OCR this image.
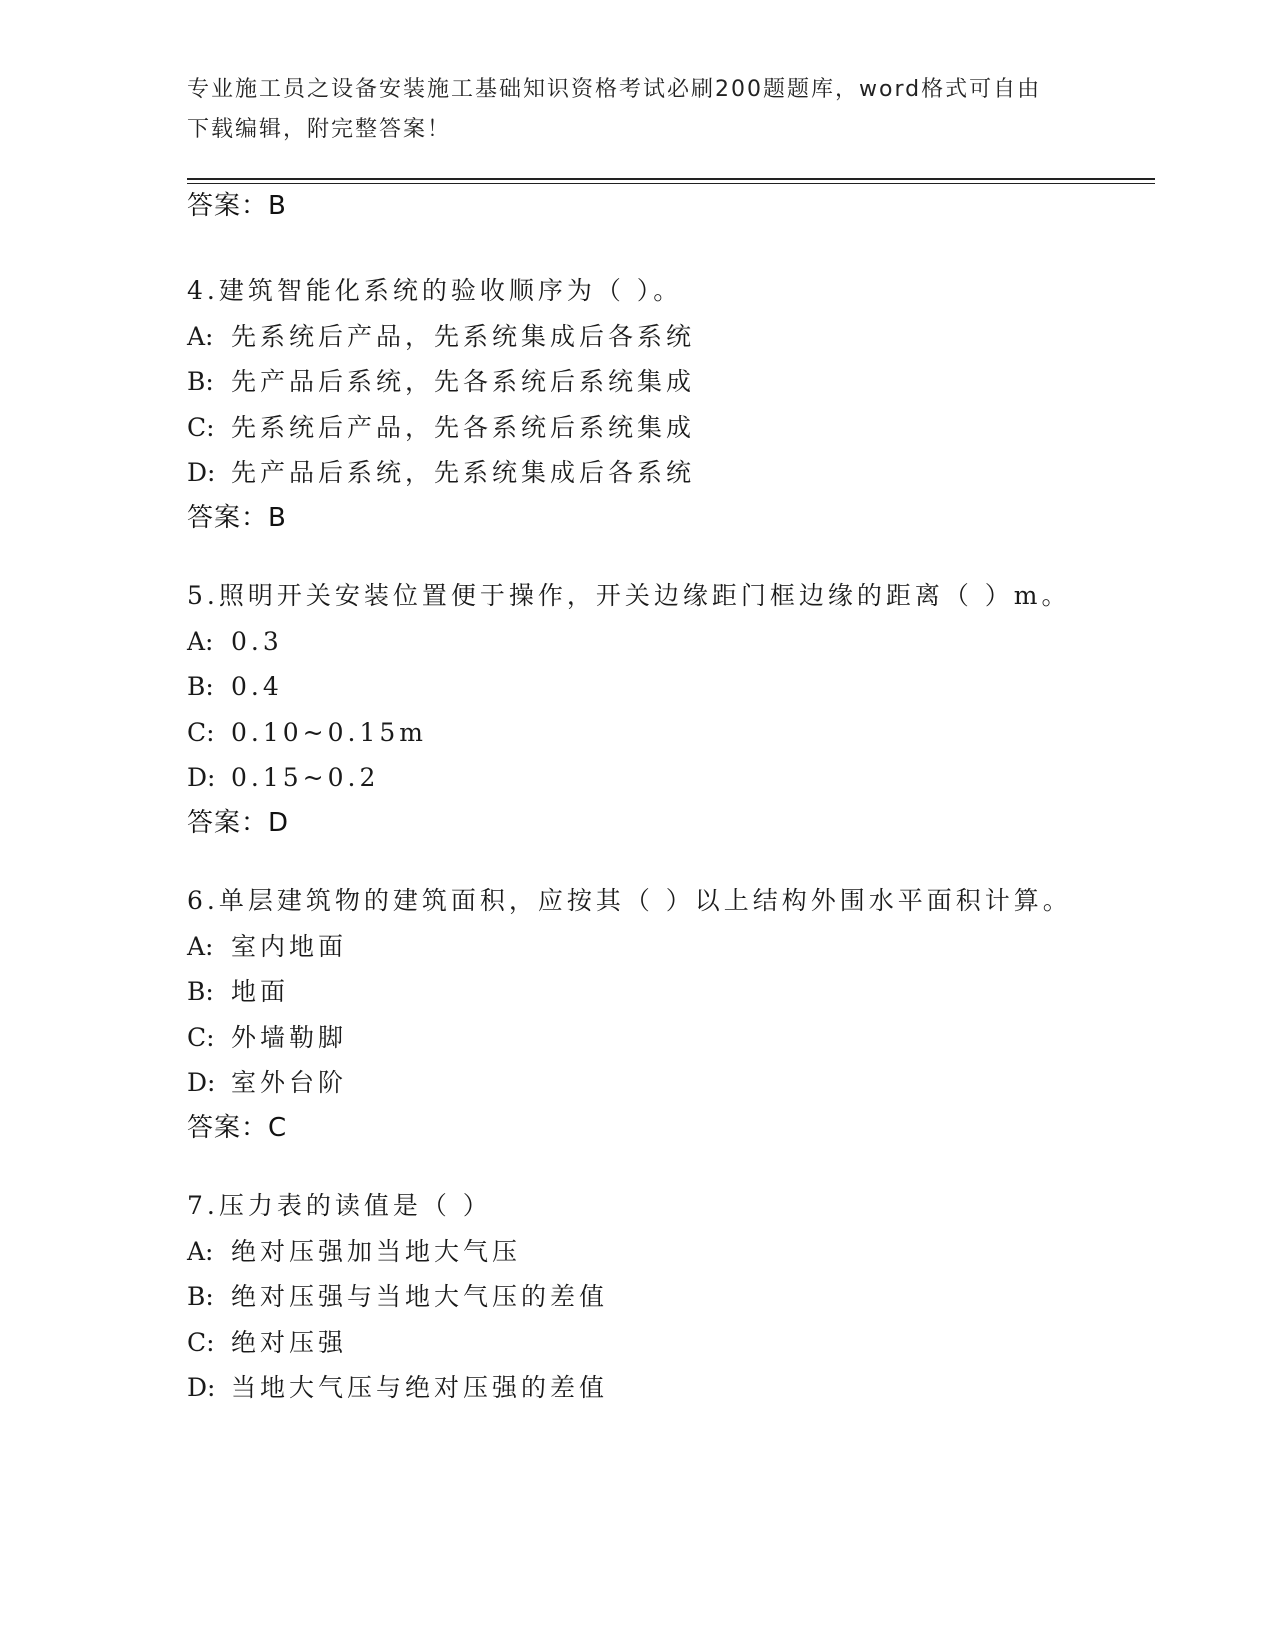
专业施工员之设备安装施工基础知识资格考试必刷200题题库，word格式可自由
下载编辑，附完整答案！
答案：B
4.建筑智能化系统的验收顺序为（ ）。
A: 先系统后产品，先系统集成后各系统
B: 先产品后系统，先各系统后系统集成
C: 先系统后产品，先各系统后系统集成
D: 先产品后系统，先系统集成后各系统
答案：B
5.照明开关安装位置便于操作，开关边缘距门框边缘的距离（ ）m。
A: 0.3
B: 0.4
C: 0.10~0.15m
D: 0.15~0.2
答案：D
6.单层建筑物的建筑面积，应按其（ ）以上结构外围水平面积计算。
A: 室内地面
B: 地面
C: 外墙勒脚
D: 室外台阶
答案：C
7.压力表的读值是（ ）
A: 绝对压强加当地大气压
B: 绝对压强与当地大气压的差值
C: 绝对压强
D: 当地大气压与绝对压强的差值
